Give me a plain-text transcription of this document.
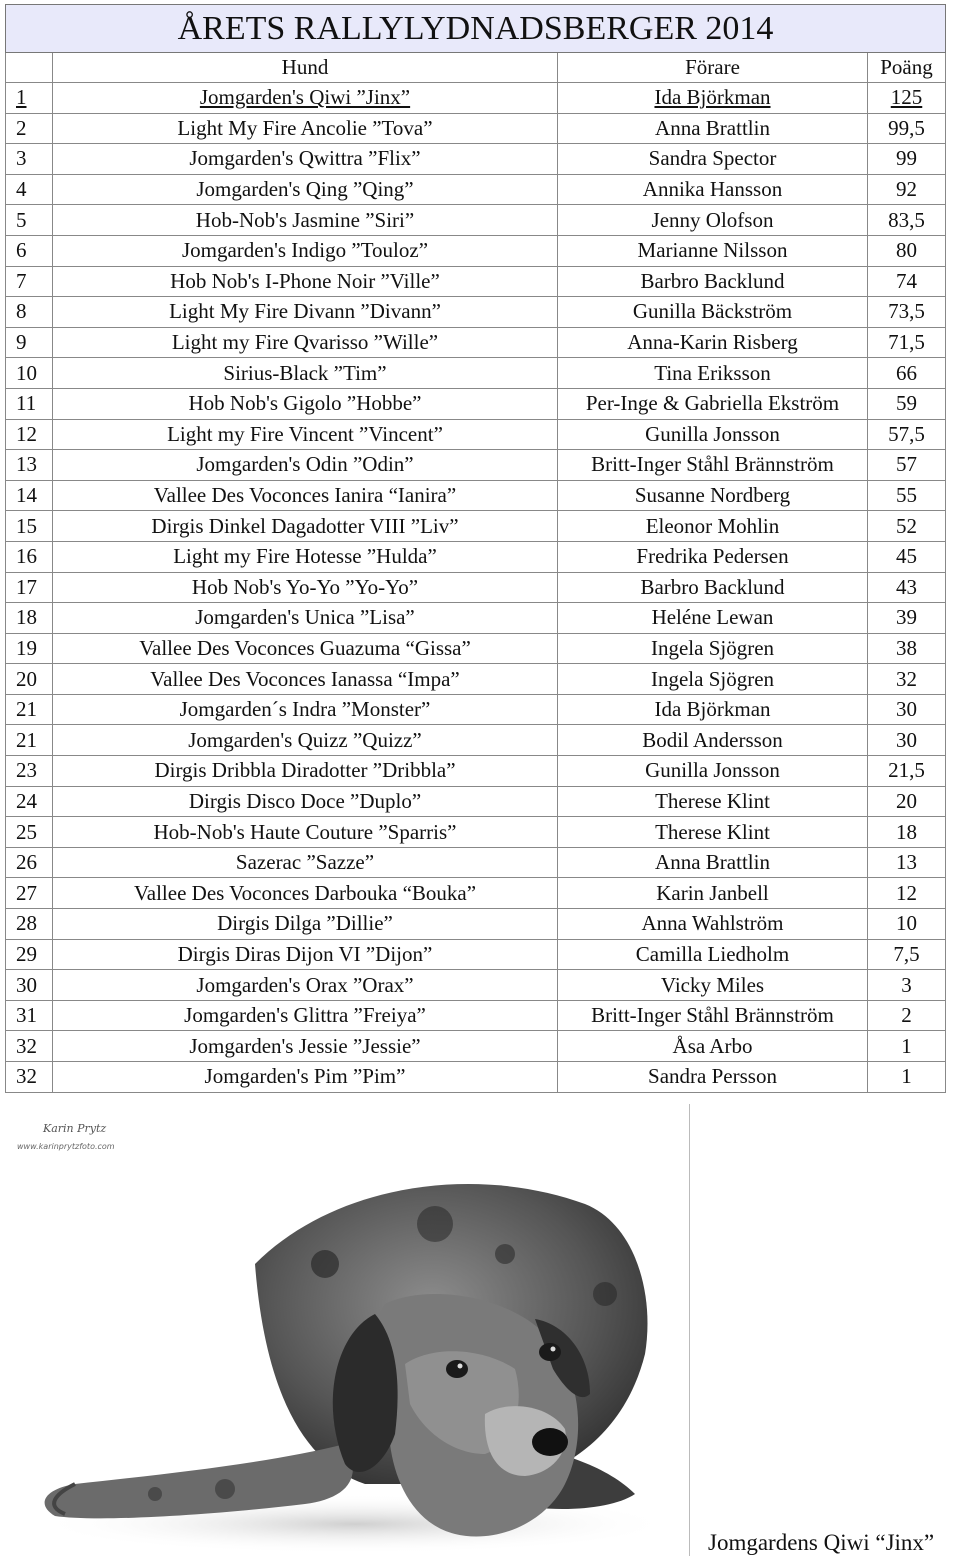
ÅRETS RALLYLYDNADSBERGER 2014			
	Hund	Förare	Poäng
1	Jomgarden's Qiwi ”Jinx”	Ida Björkman	125
2	Light My Fire Ancolie ”Tova”	Anna Brattlin	99,5
3	Jomgarden's Qwittra ”Flix”	Sandra Spector	99
4	Jomgarden's Qing ”Qing”	Annika Hansson	92
5	Hob-Nob's Jasmine ”Siri”	Jenny Olofson	83,5
6	Jomgarden's Indigo ”Touloz”	Marianne Nilsson	80
7	Hob Nob's I-Phone Noir ”Ville”	Barbro Backlund	74
8	Light My Fire Divann ”Divann”	Gunilla Bäckström	73,5
9	Light my Fire Qvarisso ”Wille”	Anna-Karin Risberg	71,5
10	Sirius-Black ”Tim”	Tina Eriksson	66
11	Hob Nob's Gigolo ”Hobbe”	Per-Inge & Gabriella Ekström	59
12	Light my Fire Vincent ”Vincent”	Gunilla Jonsson	57,5
13	Jomgarden's Odin ”Odin”	Britt-Inger Ståhl Brännström	57
14	Vallee Des Voconces Ianira “Ianira”	Susanne Nordberg	55
15	Dirgis Dinkel Dagadotter VIII ”Liv”	Eleonor Mohlin	52
16	Light my Fire Hotesse ”Hulda”	Fredrika Pedersen	45
17	Hob Nob's Yo-Yo ”Yo-Yo”	Barbro Backlund	43
18	Jomgarden's Unica ”Lisa”	Heléne Lewan	39
19	Vallee Des Voconces Guazuma “Gissa”	Ingela Sjögren	38
20	Vallee Des Voconces Ianassa “Impa”	Ingela Sjögren	32
21	Jomgarden´s Indra ”Monster”	Ida Björkman	30
21	Jomgarden's Quizz ”Quizz”	Bodil Andersson	30
23	Dirgis Dribbla Diradotter ”Dribbla”	Gunilla Jonsson	21,5
24	Dirgis Disco Doce ”Duplo”	Therese Klint	20
25	Hob-Nob's Haute Couture ”Sparris”	Therese Klint	18
26	Sazerac ”Sazze”	Anna Brattlin	13
27	Vallee Des Voconces Darbouka “Bouka”	Karin Janbell	12
28	Dirgis Dilga ”Dillie”	Anna Wahlström	10
29	Dirgis Diras Dijon VI ”Dijon”	Camilla Liedholm	7,5
30	Jomgarden's Orax ”Orax”	Vicky Miles	3
31	Jomgarden's Glittra ”Freiya”	Britt-Inger Ståhl Brännström	2
32	Jomgarden's Jessie ”Jessie”	Åsa Arbo	1
32	Jomgarden's Pim ”Pim”	Sandra Persson	1
Karin Prytz
www.karinprytzfoto.com
Jomgardens Qiwi “Jinx”
